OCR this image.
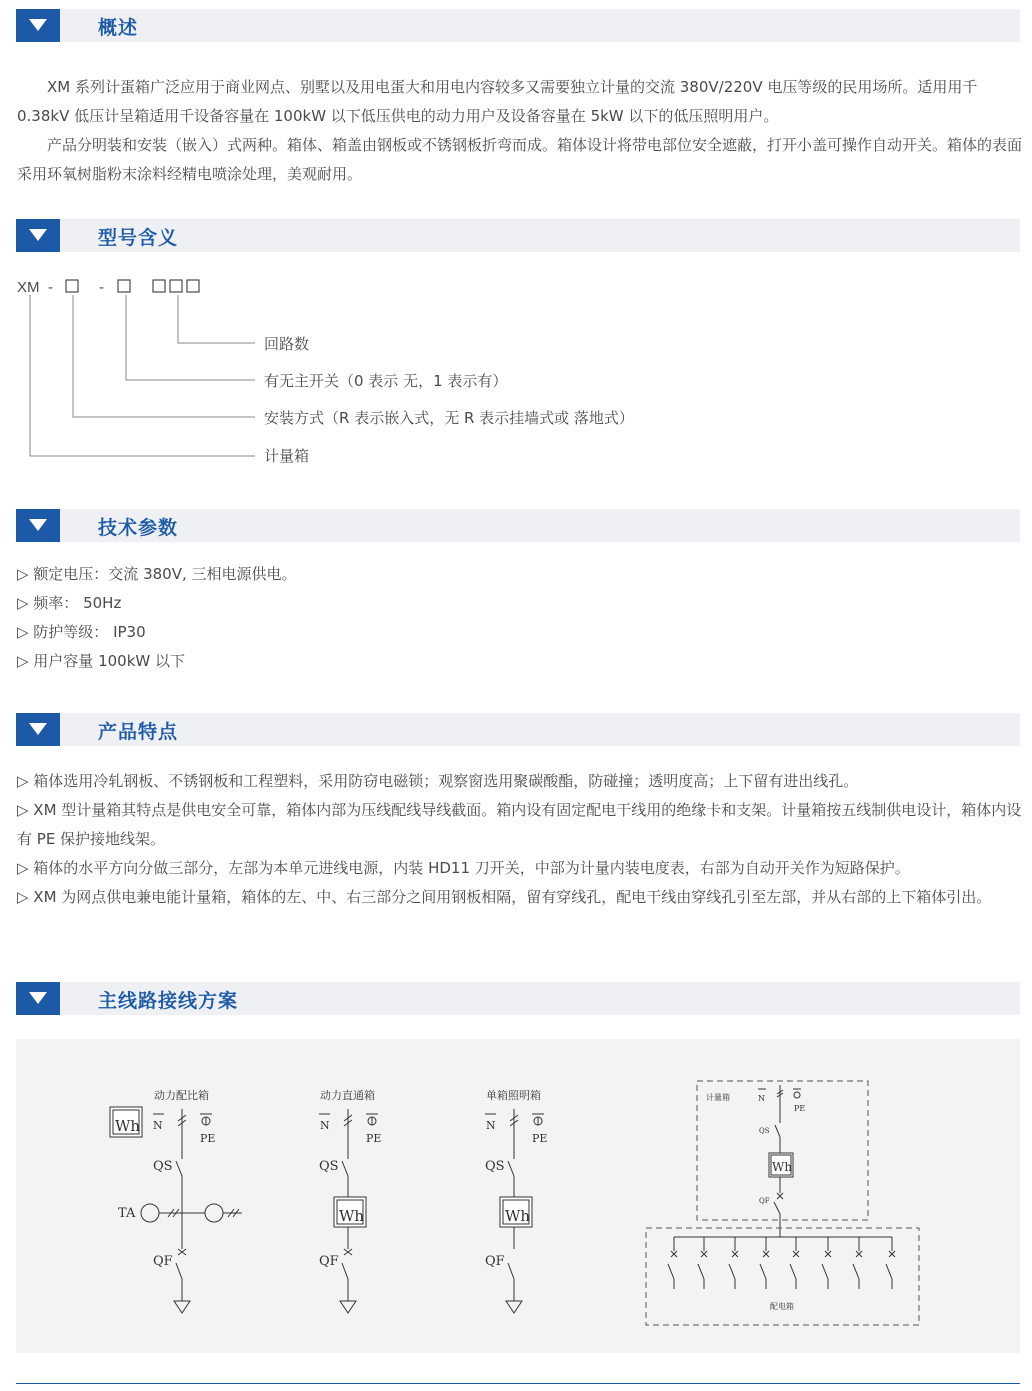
概述
XM 系列计蛋箱广泛应用于商业网点、别墅以及用电蛋大和用电内容较多又需要独立计量的交流 380V/220V 电压等级的民用场所。适用用千 0.38kV 低压计呈箱适用千设备容量在 100kW 以下低压供电的动力用户及设备容量在 5kW 以下的低压照明用户。
产品分明装和安装（嵌入）式两种。箱体、箱盖由钢板或不锈钢板折弯而成。箱体设计将带电部位安全遮蔽，打开小盖可操作自动开关。箱体的表面采用环氧树脂粉末涂料经精电喷涂处理，美观耐用。
型号含义
XM -	-
回路数
有无主开关（0 表示 无，1 表示有）
安装方式（R 表示嵌入式，无 R 表示挂墙式或 落地式）
计量箱
技术参数
▷ 额定电压：交流 380V, 三相电源供电。
▷ 频率： 50Hz
▷ 防护等级： IP30
▷ 用户容量 100kW 以下
产品特点
▷ 箱体选用冷轧钢板、不锈钢板和工程塑料，采用防窃电磁锁；观察窗选用聚碳酸酯，防碰撞；透明度高；上下留有进出线孔。
▷ XM 型计量箱其特点是供电安全可靠，箱体内部为压线配线导线截面。箱内设有固定配电干线用的绝缘卡和支架。计量箱按五线制供电设计，箱体内设有 PE 保护接地线架。
▷ 箱体的水平方向分做三部分，左部为本单元进线电源，内装 HD11 刀开关，中部为计量内装电度表，右部为自动开关作为短路保护。
▷ XM 为网点供电兼电能计量箱，箱体的左、中、右三部分之间用钢板相隔，留有穿线孔，配电干线由穿线孔引至左部，并从右部的上下箱体引出。
主线路接线方案
动力配比箱
Wh N
PE
QS
TA
QF
动力直通箱
N
PE
QS
Wh
QF
单箱照明箱
N
PE
QS
Wh
QF
计量箱	N
PE
QS
Wh
QF
配电箱
